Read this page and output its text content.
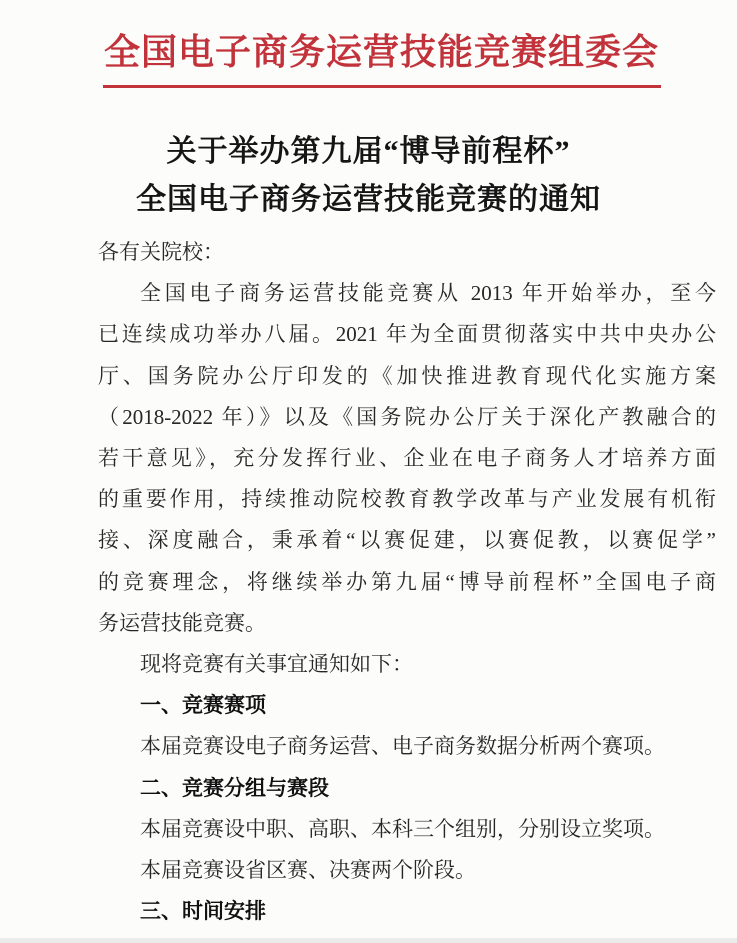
全国电子商务运营技能竞赛组委会
关于举办第九届“博导前程杯”
全国电子商务运营技能竞赛的通知
各有关院校：
全国电子商务运营技能竞赛从 2013 年开始举办，至今
已连续成功举办八届。2021 年为全面贯彻落实中共中央办公
厅、国务院办公厅印发的《加快推进教育现代化实施方案
（2018-2022 年）》以及《国务院办公厅关于深化产教融合的
若干意见》，充分发挥行业、企业在电子商务人才培养方面
的重要作用，持续推动院校教育教学改革与产业发展有机衔
接、深度融合，秉承着“以赛促建，以赛促教，以赛促学”
的竞赛理念，将继续举办第九届“博导前程杯”全国电子商
务运营技能竞赛。
现将竞赛有关事宜通知如下：
一、竞赛赛项
本届竞赛设电子商务运营、电子商务数据分析两个赛项。
二、竞赛分组与赛段
本届竞赛设中职、高职、本科三个组别，分别设立奖项。
本届竞赛设省区赛、决赛两个阶段。
三、时间安排
